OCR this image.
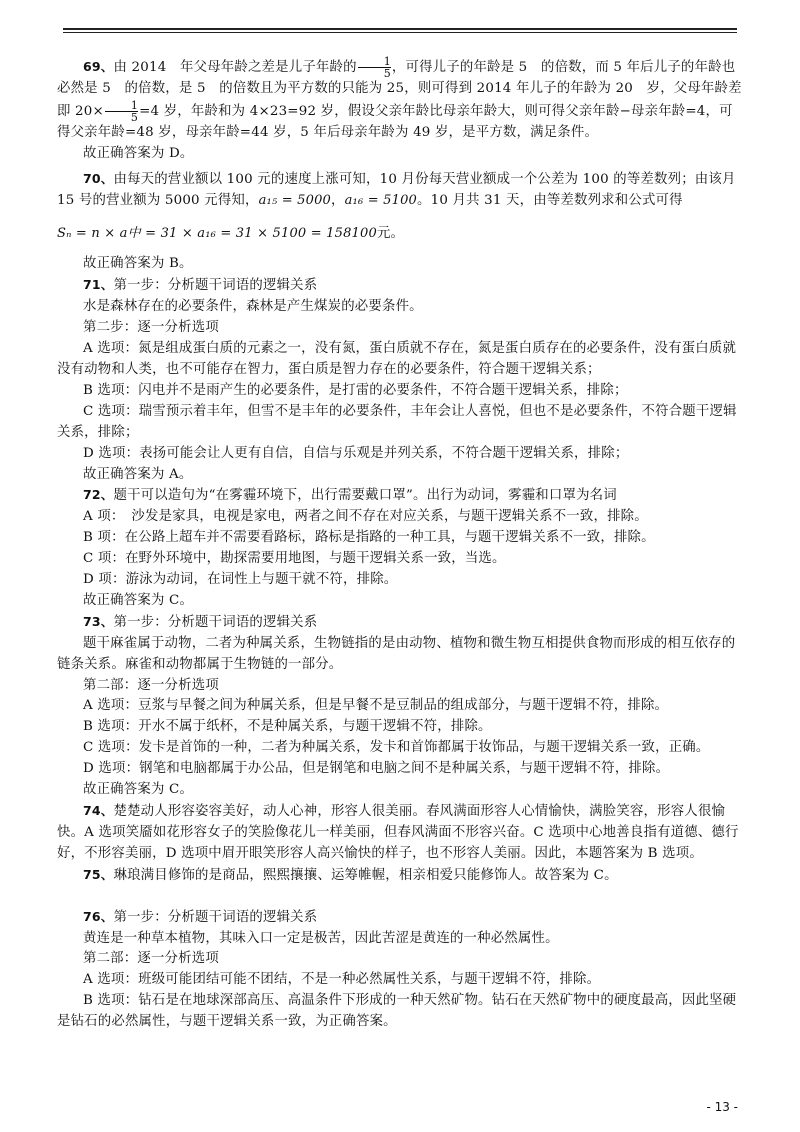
69、由 2014　年父母年龄之差是儿子年龄的 $\frac{1}{5}$ ，可得儿子的年龄是 5　的倍数，而 5 年后儿子的年龄也必然是 5　的倍数，是 5　的倍数且为平方数的只能为 25，则可得到 2014 年儿子的年龄为 20　岁，父母年龄差即 $20\times \frac{1}{5} =4$ 岁，年龄和为 4×23=92 岁，假设父亲年龄比母亲年龄大，则可得父亲年龄−母亲年龄=4，可得父亲年龄=48 岁，母亲年龄=44 岁，5 年后母亲年龄为 49 岁，是平方数，满足条件。

故正确答案为 D。

70、由每天的营业额以 100 元的速度上涨可知，10 月份每天营业额成一个公差为 100 的等差数列；由该月 15 号的营业额为 5000 元得知，a₁₅ = 5000，a₁₆ = 5100。10 月共 31 天，由等差数列求和公式可得

Sₙ = n × a中 = 31 × a₁₆ = 31 × 5100 = 158100元。

故正确答案为 B。

71、第一步：分析题干词语的逻辑关系

水是森林存在的必要条件，森林是产生煤炭的必要条件。

第二步：逐一分析选项

A 选项：氮是组成蛋白质的元素之一，没有氮，蛋白质就不存在，氮是蛋白质存在的必要条件，没有蛋白质就没有动物和人类，也不可能存在智力，蛋白质是智力存在的必要条件，符合题干逻辑关系；

B 选项：闪电并不是雨产生的必要条件，是打雷的必要条件，不符合题干逻辑关系，排除；

C 选项：瑞雪预示着丰年，但雪不是丰年的必要条件，丰年会让人喜悦，但也不是必要条件，不符合题干逻辑关系，排除；

D 选项：表扬可能会让人更有自信，自信与乐观是并列关系，不符合题干逻辑关系，排除；

故正确答案为 A。

72、题干可以造句为“在雾霾环境下，出行需要戴口罩”。出行为动词，雾霾和口罩为名词

A 项：　沙发是家具，电视是家电，两者之间不存在对应关系，与题干逻辑关系不一致，排除。

B 项：在公路上超车并不需要看路标，路标是指路的一种工具，与题干逻辑关系不一致，排除。

C 项：在野外环境中，勘探需要用地图，与题干逻辑关系一致，当选。

D 项：游泳为动词，在词性上与题干就不符，排除。

故正确答案为 C。

73、第一步：分析题干词语的逻辑关系

题干麻雀属于动物，二者为种属关系，生物链指的是由动物、植物和微生物互相提供食物而形成的相互依存的链条关系。麻雀和动物都属于生物链的一部分。

第二部：逐一分析选项

A 选项：豆浆与早餐之间为种属关系，但是早餐不是豆制品的组成部分，与题干逻辑不符，排除。

B 选项：开水不属于纸杯，不是种属关系，与题干逻辑不符，排除。

C 选项：发卡是首饰的一种，二者为种属关系，发卡和首饰都属于妆饰品，与题干逻辑关系一致，正确。

D 选项：钢笔和电脑都属于办公品，但是钢笔和电脑之间不是种属关系，与题干逻辑不符，排除。

故正确答案为 C。

74、楚楚动人形容姿容美好，动人心神，形容人很美丽。春风满面形容人心情愉快，满脸笑容，形容人很愉快。A 选项笑靥如花形容女子的笑脸像花儿一样美丽，但春风满面不形容兴奋。C 选项中心地善良指有道德、德行好，不形容美丽，D 选项中眉开眼笑形容人高兴愉快的样子，也不形容人美丽。因此，本题答案为 B 选项。

75、琳琅满目修饰的是商品，熙熙攘攘、运筹帷幄，相亲相爱只能修饰人。故答案为 C。

76、第一步：分析题干词语的逻辑关系

黄连是一种草本植物，其味入口一定是极苦，因此苦涩是黄连的一种必然属性。

第二部：逐一分析选项

A 选项：班级可能团结可能不团结，不是一种必然属性关系，与题干逻辑不符，排除。

B 选项：钻石是在地球深部高压、高温条件下形成的一种天然矿物。钻石在天然矿物中的硬度最高，因此坚硬是钻石的必然属性，与题干逻辑关系一致，为正确答案。

- 13 -
